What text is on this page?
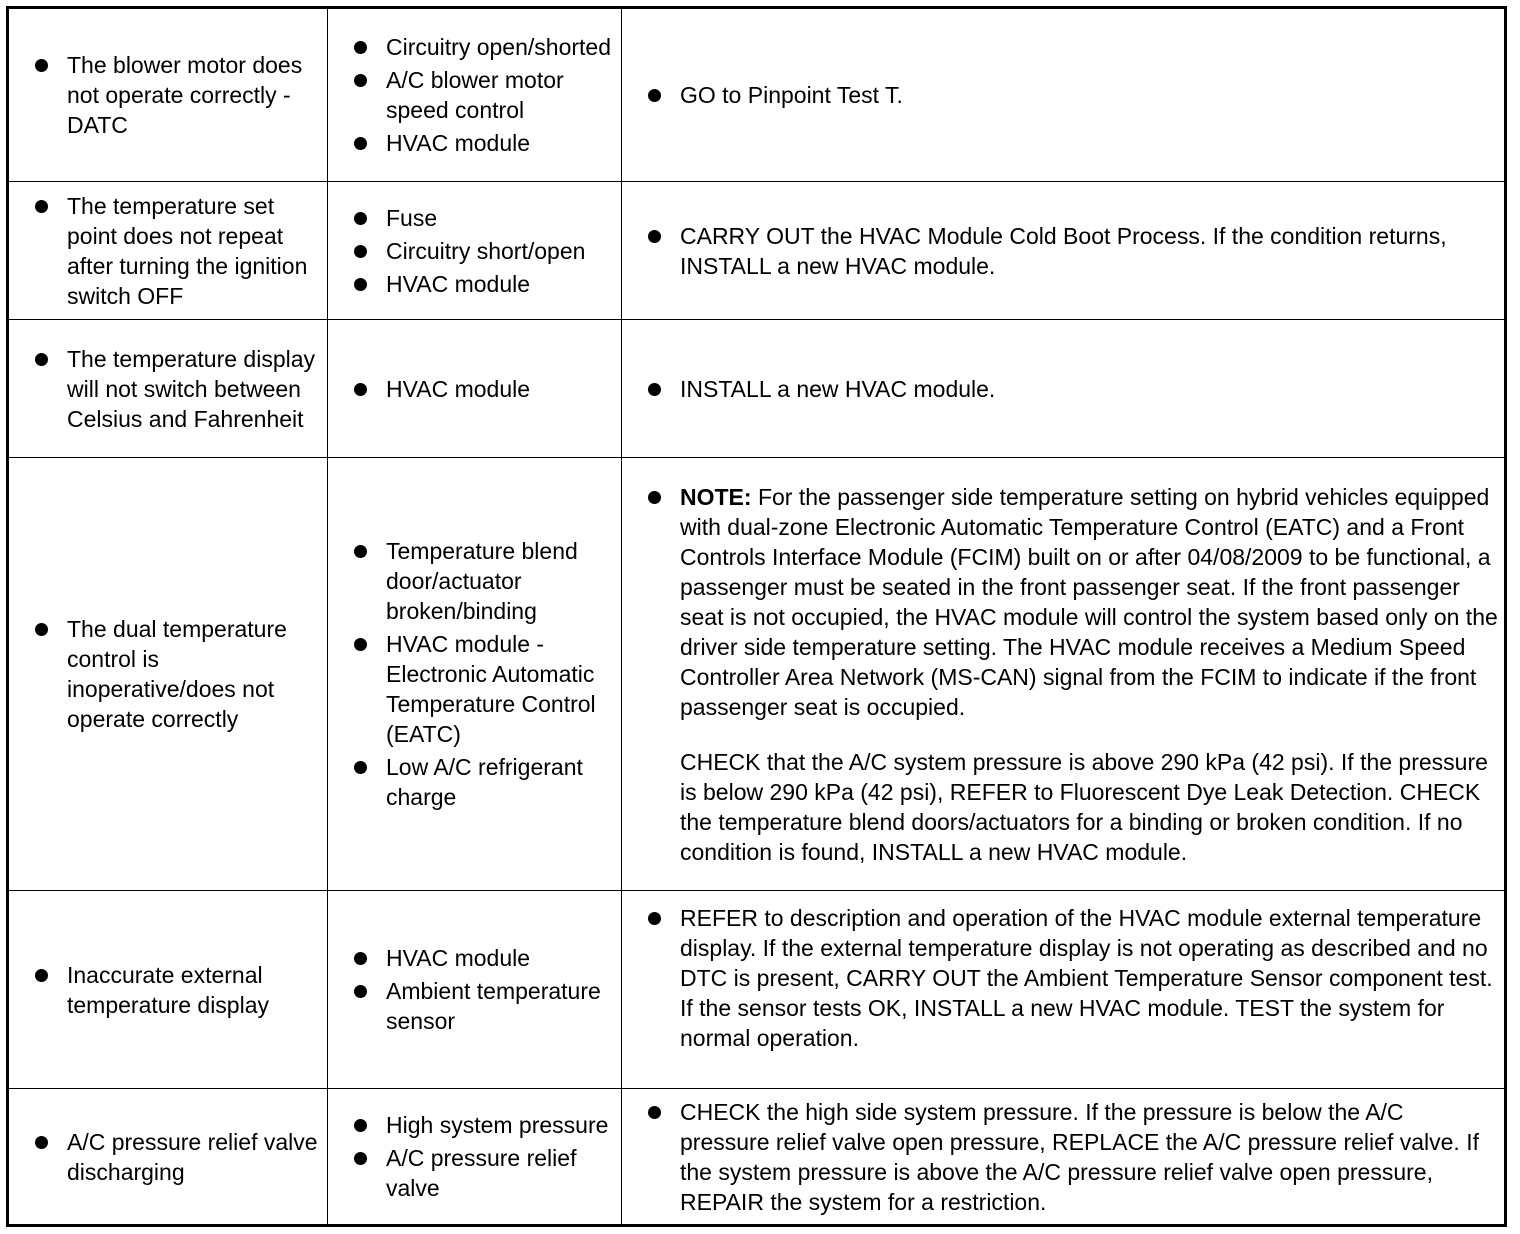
The blower motor does not operate correctly - DATC
Circuitry open/shorted
A/C blower motor speed control
HVAC module
GO to Pinpoint Test T.
The temperature set point does not repeat after turning the ignition switch OFF
Fuse
Circuitry short/open
HVAC module
CARRY OUT the HVAC Module Cold Boot Process. If the condition returns, INSTALL a new HVAC module.
The temperature display will not switch between Celsius and Fahrenheit
HVAC module	INSTALL a new HVAC module.
The dual temperature control is inoperative/does not operate correctly
Temperature blend door/actuator broken/binding
HVAC module - Electronic Automatic Temperature Control (EATC)
Low A/C refrigerant charge
NOTE: For the passenger side temperature setting on hybrid vehicles equipped with dual-zone Electronic Automatic Temperature Control (EATC) and a Front Controls Interface Module (FCIM) built on or after 04/08/2009 to be functional, a passenger must be seated in the front passenger seat. If the front passenger seat is not occupied, the HVAC module will control the system based only on the driver side temperature setting. The HVAC module receives a Medium Speed Controller Area Network (MS-CAN) signal from the FCIM to indicate if the front passenger seat is occupied.
CHECK that the A/C system pressure is above 290 kPa (42 psi). If the pressure is below 290 kPa (42 psi), REFER to Fluorescent Dye Leak Detection. CHECK the temperature blend doors/actuators for a binding or broken condition. If no condition is found, INSTALL a new HVAC module.
Inaccurate external temperature display
HVAC module
Ambient temperature sensor
REFER to description and operation of the HVAC module external temperature display. If the external temperature display is not operating as described and no DTC is present, CARRY OUT the Ambient Temperature Sensor component test. If the sensor tests OK, INSTALL a new HVAC module. TEST the system for normal operation.
A/C pressure relief valve discharging
High system pressure
A/C pressure relief valve
CHECK the high side system pressure. If the pressure is below the A/C pressure relief valve open pressure, REPLACE the A/C pressure relief valve. If the system pressure is above the A/C pressure relief valve open pressure, REPAIR the system for a restriction.
